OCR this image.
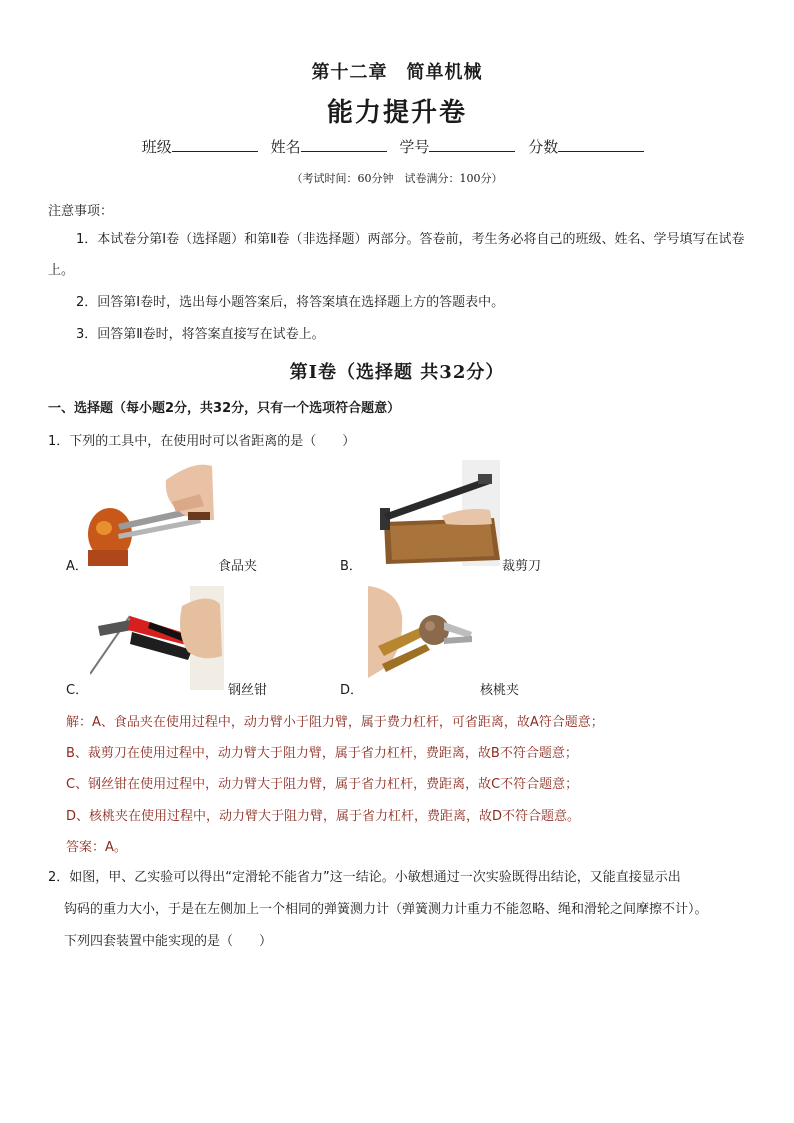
第十二章　简单机械
能力提升卷
班级	姓名	学号	分数
（考试时间：60分钟　试卷满分：100分）
注意事项：
1．本试卷分第Ⅰ卷（选择题）和第Ⅱ卷（非选择题）两部分。答卷前，考生务必将自己的班级、姓名、学号填写在试卷上。
2．回答第Ⅰ卷时，选出每小题答案后，将答案填在选择题上方的答题表中。
3．回答第Ⅱ卷时，将答案直接写在试卷上。
第Ⅰ卷（选择题 共32分）
一、选择题（每小题2分，共32分，只有一个选项符合题意）
1．下列的工具中，在使用时可以省距离的是（　　）
A．	食品夹	B．	裁剪刀
C．	钢丝钳	D．	核桃夹
解：A、食品夹在使用过程中，动力臂小于阻力臂，属于费力杠杆，可省距离，故A符合题意；
B、裁剪刀在使用过程中，动力臂大于阻力臂，属于省力杠杆，费距离，故B不符合题意；
C、钢丝钳在使用过程中，动力臂大于阻力臂，属于省力杠杆，费距离，故C不符合题意；
D、核桃夹在使用过程中，动力臂大于阻力臂，属于省力杠杆，费距离，故D不符合题意。
答案：A。
2．如图，甲、乙实验可以得出“定滑轮不能省力”这一结论。小敏想通过一次实验既得出结论，又能直接显示出
钩码的重力大小，于是在左侧加上一个相同的弹簧测力计（弹簧测力计重力不能忽略、绳和滑轮之间摩擦不计）。
下列四套装置中能实现的是（　　）
